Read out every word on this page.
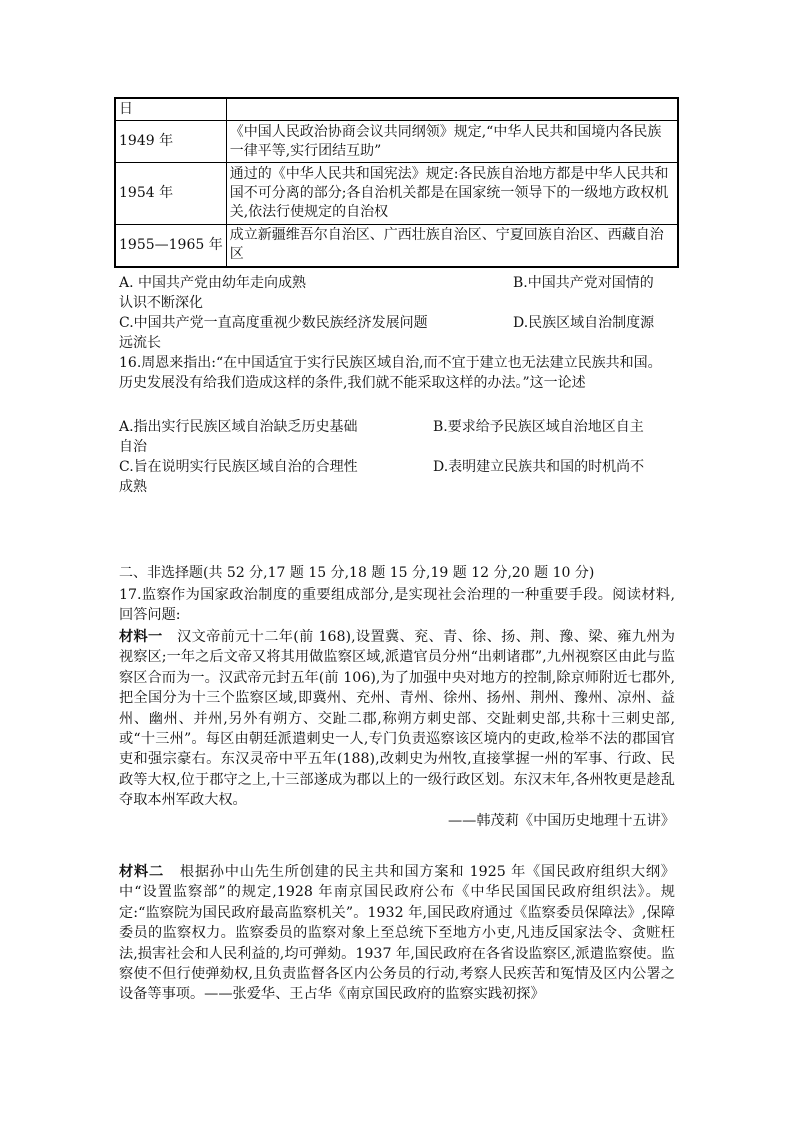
日	
1949 年	《中国人民政治协商会议共同纲领》规定,“中华人民共和国境内各民族一律平等,实行团结互助”
1954 年	通过的《中华人民共和国宪法》规定:各民族自治地方都是中华人民共和国不可分离的部分;各自治机关都是在国家统一领导下的一级地方政权机关,依法行使规定的自治权
1955—1965 年	成立新疆维吾尔自治区、广西壮族自治区、宁夏回族自治区、西藏自治区
A. 中国共产党由幼年走向成熟	B.中国共产党对国情的
认识不断深化
C.中国共产党一直高度重视少数民族经济发展问题	D.民族区域自治制度源
远流长
16.周恩来指出:“在中国适宜于实行民族区域自治,而不宜于建立也无法建立民族共和国。历史发展没有给我们造成这样的条件,我们就不能采取这样的办法。”这一论述
A.指出实行民族区域自治缺乏历史基础	B.要求给予民族区域自治地区自主
自治
C.旨在说明实行民族区域自治的合理性	D.表明建立民族共和国的时机尚不
成熟
二、非选择题(共 52 分,17 题 15 分,18 题 15 分,19 题 12 分,20 题 10 分)
17.监察作为国家政治制度的重要组成部分,是实现社会治理的一种重要手段。阅读材料,回答问题:
材料一 汉文帝前元十二年(前 168),设置冀、兖、青、徐、扬、荆、豫、梁、雍九州为视察区;一年之后文帝又将其用做监察区域,派遣官员分州“出刺诸郡”,九州视察区由此与监察区合而为一。汉武帝元封五年(前 106),为了加强中央对地方的控制,除京师附近七郡外,把全国分为十三个监察区域,即冀州、充州、青州、徐州、扬州、荆州、豫州、凉州、益州、幽州、并州,另外有朔方、交趾二郡,称朔方刺史部、交趾刺史部,共称十三刺史部,或“十三州”。每区由朝廷派遣刺史一人,专门负责巡察该区境内的吏政,检举不法的郡国官吏和强宗豪右。东汉灵帝中平五年(188),改刺史为州牧,直接掌握一州的军事、行政、民政等大权,位于郡守之上,十三部遂成为郡以上的一级行政区划。东汉末年,各州牧更是趁乱夺取本州军政大权。
——韩茂莉《中国历史地理十五讲》
材料二 根据孙中山先生所创建的民主共和国方案和 1925 年《国民政府组织大纲》中“设置监察部”的规定,1928 年南京国民政府公布《中华民国国民政府组织法》。规定:“监察院为国民政府最高监察机关”。1932 年,国民政府通过《监察委员保障法》,保障委员的监察权力。监察委员的监察对象上至总统下至地方小吏,凡违反国家法令、贪赃枉法,损害社会和人民利益的,均可弹劾。1937 年,国民政府在各省设监察区,派遣监察使。监察使不但行使弹劾权,且负责监督各区内公务员的行动,考察人民疾苦和冤情及区内公署之设备等事项。——张爱华、王占华《南京国民政府的监察实践初探》
